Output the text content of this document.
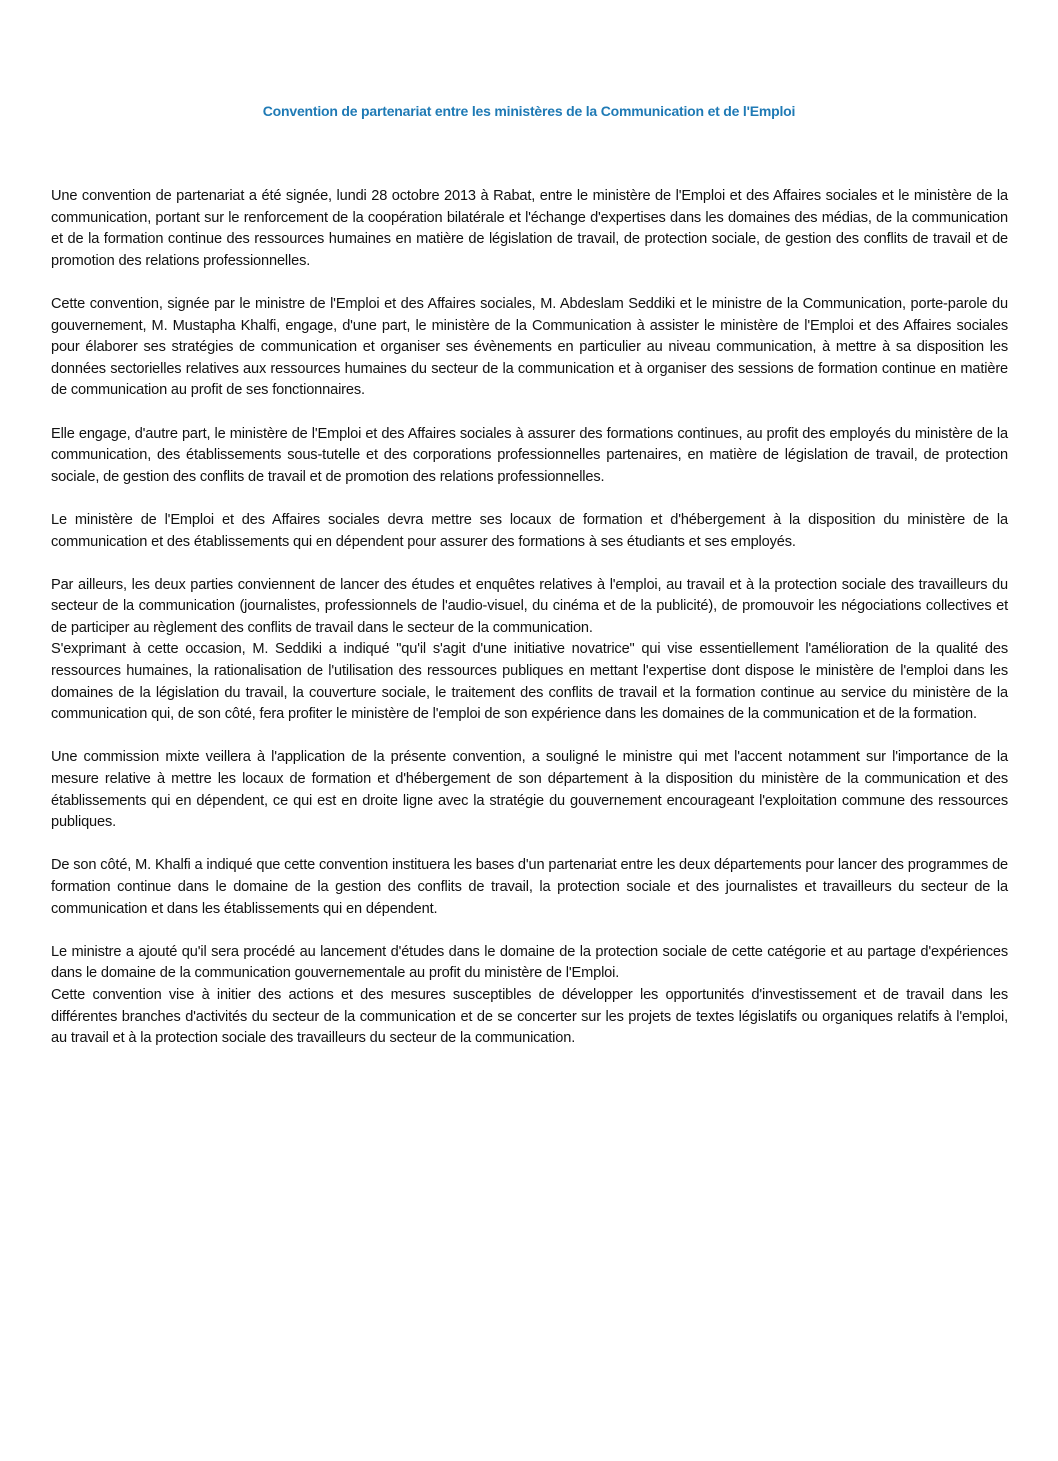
Convention de partenariat entre les ministères de la Communication et de l'Emploi

Une convention de partenariat a été signée, lundi 28 octobre 2013 à Rabat, entre le ministère de l'Emploi et des Affaires sociales et le ministère de la communication, portant sur le renforcement de la coopération bilatérale et l'échange d'expertises dans les domaines des médias, de la communication et de la formation continue des ressources humaines en matière de législation de travail, de protection sociale, de gestion des conflits de travail et de promotion des relations professionnelles.

Cette convention, signée par le ministre de l'Emploi et des Affaires sociales, M. Abdeslam Seddiki et le ministre de la Communication, porte-parole du gouvernement, M. Mustapha Khalfi, engage, d'une part, le ministère de la Communication à assister le ministère de l'Emploi et des Affaires sociales pour élaborer ses stratégies de communication et organiser ses évènements en particulier au niveau communication, à mettre à sa disposition les données sectorielles relatives aux ressources humaines du secteur de la communication et à organiser des sessions de formation continue en matière de communication au profit de ses fonctionnaires.

Elle engage, d'autre part, le ministère de l'Emploi et des Affaires sociales à assurer des formations continues, au profit des employés du ministère de la communication, des établissements sous-tutelle et des corporations professionnelles partenaires, en matière de législation de travail, de protection sociale, de gestion des conflits de travail et de promotion des relations professionnelles.

Le ministère de l'Emploi et des Affaires sociales devra mettre ses locaux de formation et d'hébergement à la disposition du ministère de la communication et des établissements qui en dépendent pour assurer des formations à ses étudiants et ses employés.

Par ailleurs, les deux parties conviennent de lancer des études et enquêtes relatives à l'emploi, au travail et à la protection sociale des travailleurs du secteur de la communication (journalistes, professionnels de l'audio-visuel, du cinéma et de la publicité), de promouvoir les négociations collectives et de participer au règlement des conflits de travail dans le secteur de la communication.

S'exprimant à cette occasion, M. Seddiki a indiqué "qu'il s'agit d'une initiative novatrice" qui vise essentiellement l'amélioration de la qualité des ressources humaines, la rationalisation de l'utilisation des ressources publiques en mettant l'expertise dont dispose le ministère de l'emploi dans les domaines de la législation du travail, la couverture sociale, le traitement des conflits de travail et la formation continue au service du ministère de la communication qui, de son côté, fera profiter le ministère de l'emploi de son expérience dans les domaines de la communication et de la formation.

Une commission mixte veillera à l'application de la présente convention, a souligné le ministre qui met l'accent notamment sur l'importance de la mesure relative à mettre les locaux de formation et d'hébergement de son département à la disposition du ministère de la communication et des établissements qui en dépendent, ce qui est en droite ligne avec la stratégie du gouvernement encourageant l'exploitation commune des ressources publiques.

De son côté, M. Khalfi a indiqué que cette convention instituera les bases d'un partenariat entre les deux départements pour lancer des programmes de formation continue dans le domaine de la gestion des conflits de travail, la protection sociale et des journalistes et travailleurs du secteur de la communication et dans les établissements qui en dépendent.

Le ministre a ajouté qu'il sera procédé au lancement d'études dans le domaine de la protection sociale de cette catégorie et au partage d'expériences dans le domaine de la communication gouvernementale au profit du ministère de l'Emploi.

Cette convention vise à initier des actions et des mesures susceptibles de développer les opportunités d'investissement et de travail dans les différentes branches d'activités du secteur de la communication et de se concerter sur les projets de textes législatifs ou organiques relatifs à l'emploi, au travail et à la protection sociale des travailleurs du secteur de la communication.
